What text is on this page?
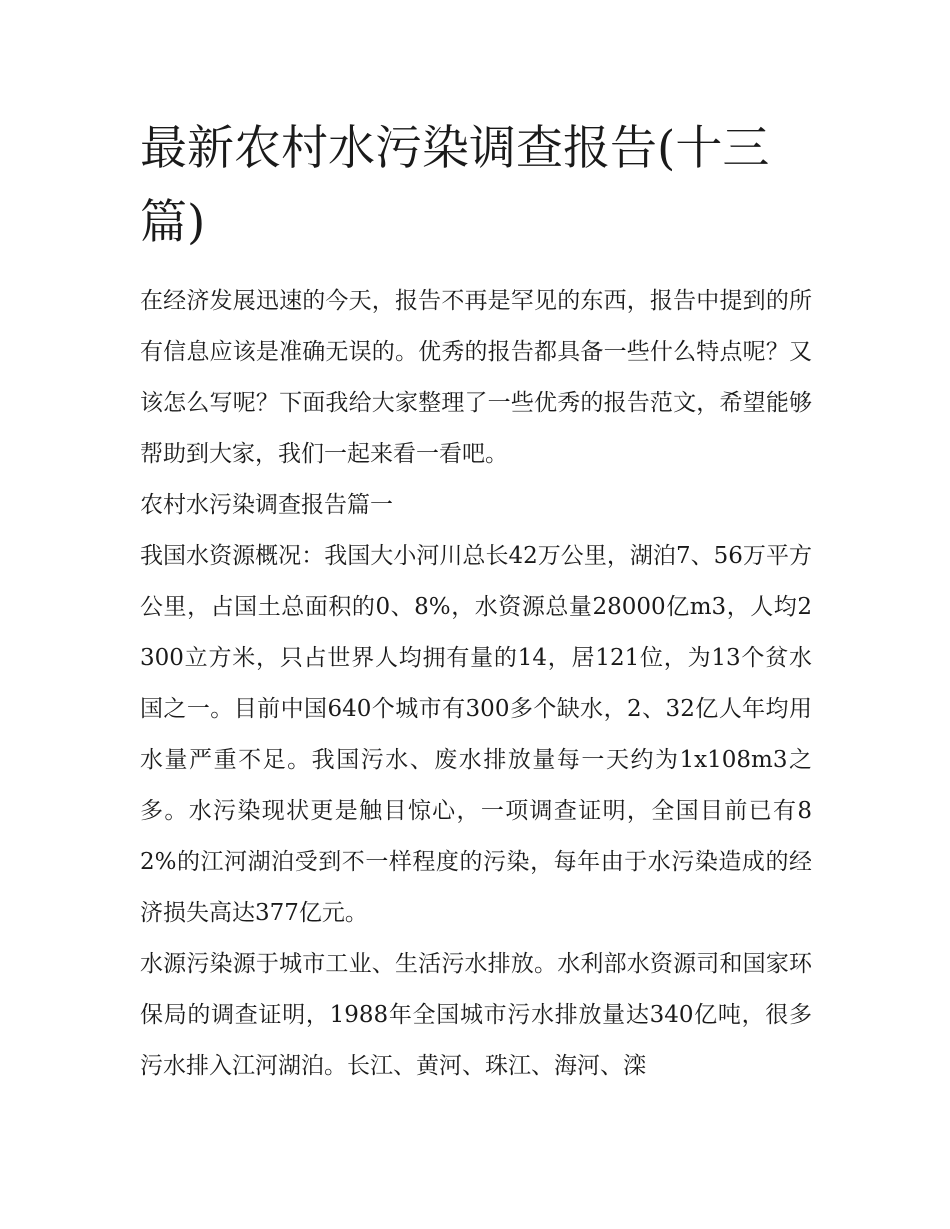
最新农村水污染调查报告(十三篇)

在经济发展迅速的今天，报告不再是罕见的东西，报告中提到的所有信息应该是准确无误的。优秀的报告都具备一些什么特点呢？又该怎么写呢？下面我给大家整理了一些优秀的报告范文，希望能够帮助到大家，我们一起来看一看吧。

农村水污染调查报告篇一

我国水资源概况：我国大小河川总长42万公里，湖泊7、56万平方公里，占国土总面积的0、8%，水资源总量28000亿m3，人均2300立方米，只占世界人均拥有量的14，居121位，为13个贫水国之一。目前中国640个城市有300多个缺水，2、32亿人年均用水量严重不足。我国污水、废水排放量每一天约为1x108m3之多。水污染现状更是触目惊心，一项调查证明，全国目前已有82%的江河湖泊受到不一样程度的污染，每年由于水污染造成的经济损失高达377亿元。

水源污染源于城市工业、生活污水排放。水利部水资源司和国家环保局的调查证明，1988年全国城市污水排放量达340亿吨，很多污水排入江河湖泊。长江、黄河、珠江、海河、滦
